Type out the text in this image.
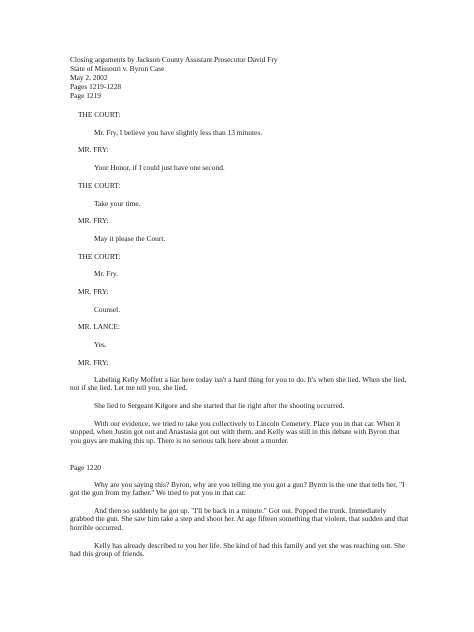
Closing arguments by Jackson County Assistant Prosecutor David Fry
State of Missouri v. Byron Case
May 2, 2002
Pages 1219-1228
Page 1219
THE COURT:
Mr. Fry, I believe you have slightly less than 13 minutes.
MR. FRY:
Your Honor, if I could just have one second.
THE COURT:
Take your time.
MR. FRY:
May it please the Court.
THE COURT:
Mr. Fry.
MR. FRY:
Counsel.
MR. LANCE:
Yes.
MR. FRY:
Labeling Kelly Moffett a liar here today isn't a hard thing for you to do. It's when she lied. When she lied, not if she lied. Let me tell you, she lied.
She lied to Sergeant Kilgore and she started that lie right after the shooting occurred.
With our evidence, we tried to take you collectively to Lincoln Cemetery. Place you in that car. When it stopped, when Justin got out and Anastasia got out with them, and Kelly was still in this debate with Byron that you guys are making this up. There is no serious talk here about a murder.
Page 1220
Why are you saying this? Byron, why are you telling me you got a gun? Byron is the one that tells her, "I got the gun from my father." We tried to put you in that car.
And then so suddenly he got up. "I'll be back in a minute." Got out. Popped the trunk. Immediately grabbed the gun. She saw him take a step and shoot her. At age fifteen something that violent, that sudden and that horrible occurred.
Kelly has already described to you her life. She kind of had this family and yet she was reaching out. She had this group of friends.
